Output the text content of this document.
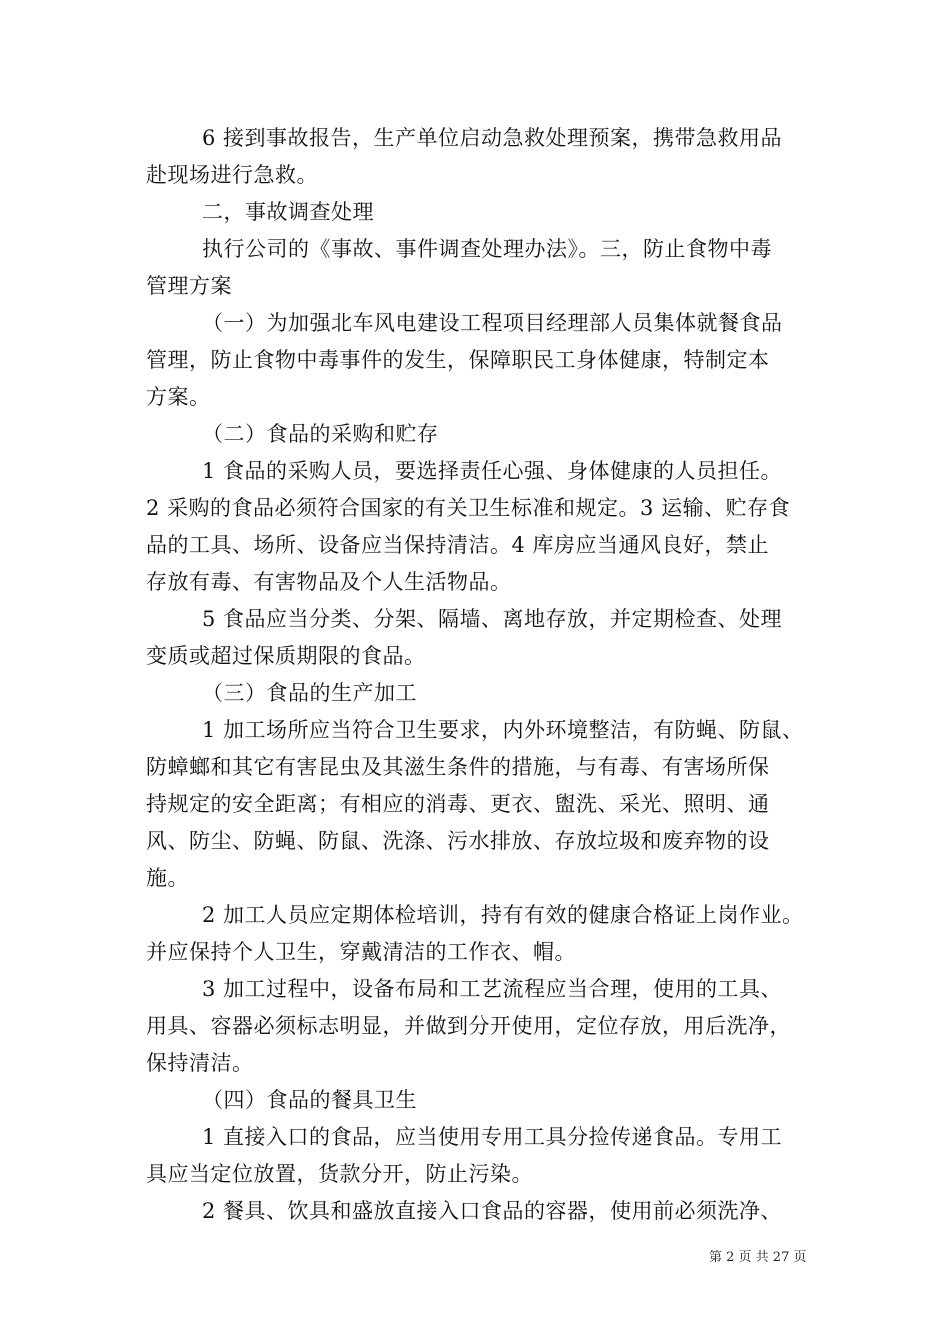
6 接到事故报告，生产单位启动急救处理预案，携带急救用品
赴现场进行急救。
二，事故调查处理
执行公司的《事故、事件调查处理办法》。三，防止食物中毒
管理方案
（一）为加强北车风电建设工程项目经理部人员集体就餐食品
管理，防止食物中毒事件的发生，保障职民工身体健康，特制定本
方案。
（二）食品的采购和贮存
1 食品的采购人员，要选择责任心强、身体健康的人员担任。
2 采购的食品必须符合国家的有关卫生标准和规定。3 运输、贮存食
品的工具、场所、设备应当保持清洁。4 库房应当通风良好，禁止
存放有毒、有害物品及个人生活物品。
5 食品应当分类、分架、隔墙、离地存放，并定期检查、处理
变质或超过保质期限的食品。
（三）食品的生产加工
1 加工场所应当符合卫生要求，内外环境整洁，有防蝇、防鼠、
防蟑螂和其它有害昆虫及其滋生条件的措施，与有毒、有害场所保
持规定的安全距离；有相应的消毒、更衣、盥洗、采光、照明、通
风、防尘、防蝇、防鼠、洗涤、污水排放、存放垃圾和废弃物的设
施。
2 加工人员应定期体检培训，持有有效的健康合格证上岗作业。
并应保持个人卫生，穿戴清洁的工作衣、帽。
3 加工过程中，设备布局和工艺流程应当合理，使用的工具、
用具、容器必须标志明显，并做到分开使用，定位存放，用后洗净，
保持清洁。
（四）食品的餐具卫生
1 直接入口的食品，应当使用专用工具分捡传递食品。专用工
具应当定位放置，货款分开，防止污染。
2 餐具、饮具和盛放直接入口食品的容器，使用前必须洗净、
第 2 页 共 27 页
